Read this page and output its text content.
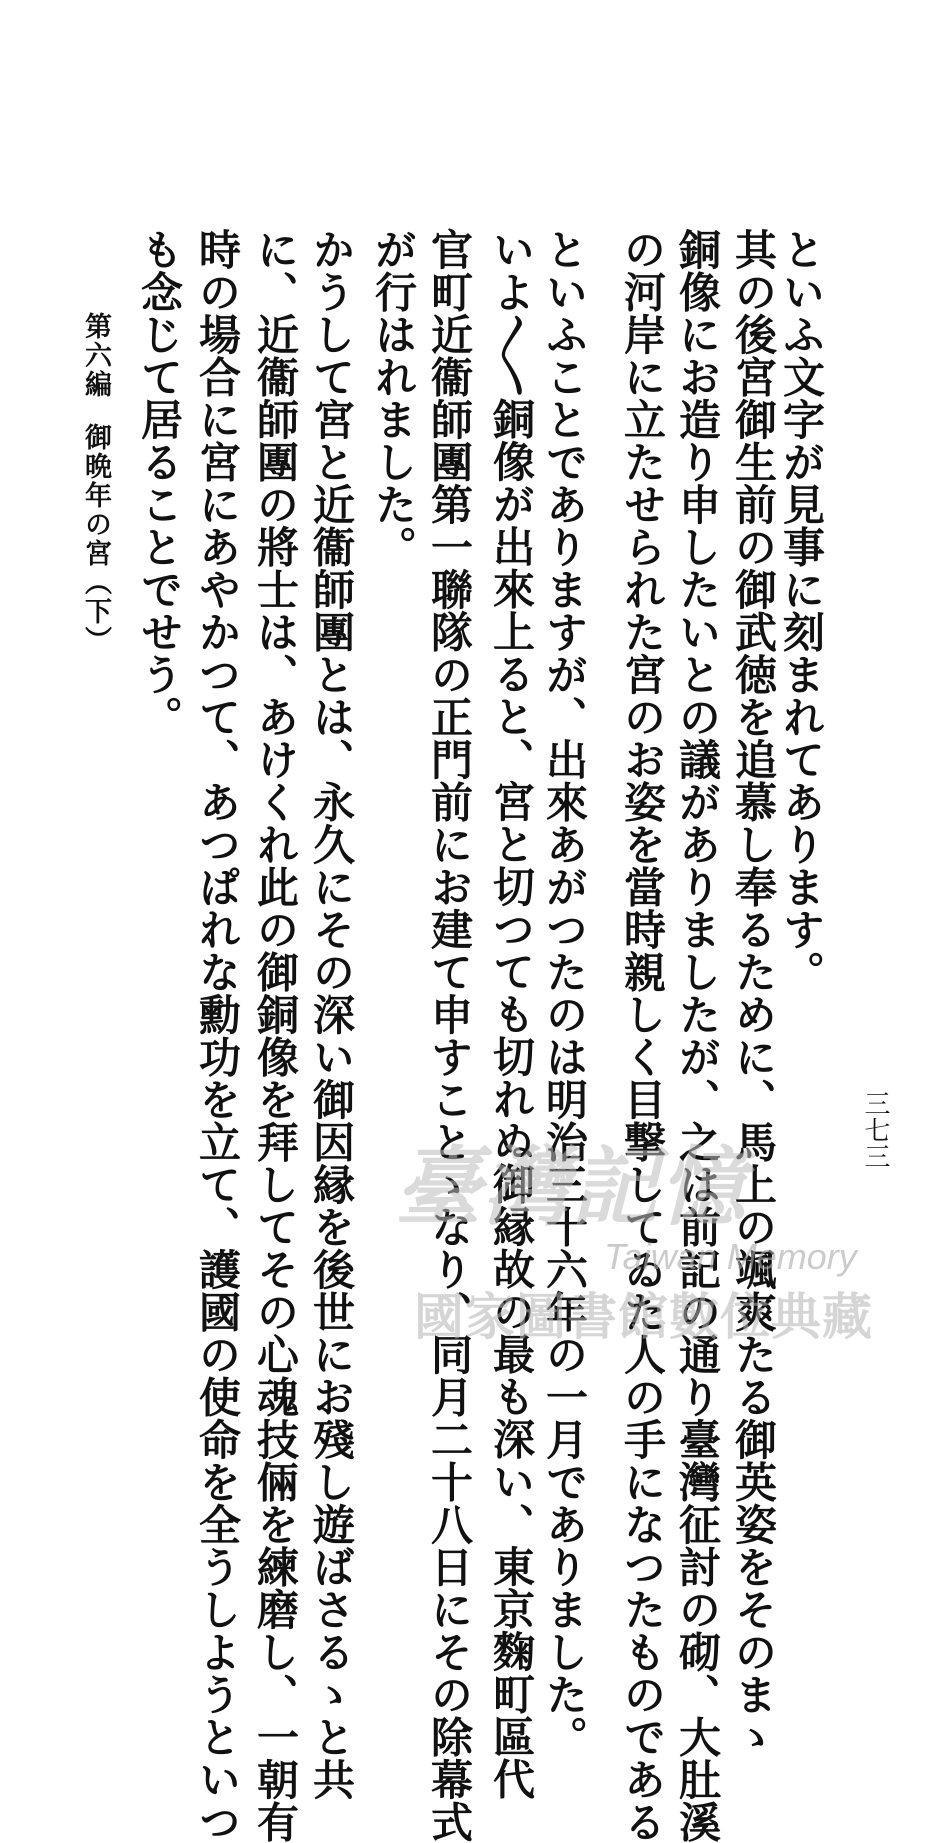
三七三
といふ文字が見事に刻まれてあります。
其の後宮御生前の御武徳を追慕し奉るために、馬上の颯爽たる御英姿をそのまゝ
銅像にお造り申したいとの議がありましたが、之は前記の通り臺灣征討の砌、大肚溪
の河岸に立たせられた宮のお姿を當時親しく目撃してゐた人の手になつたものである
といふことでありますが、出來あがつたのは明治三十六年の一月でありました。
いよ〳〵銅像が出來上ると、宮と切つても切れぬ御縁故の最も深い、東京麴町區代
官町近衞師團第一聯隊の正門前にお建て申すことゝなり、同月二十八日にその除幕式
が行はれました。
かうして宮と近衞師團とは、永久にその深い御因縁を後世にお殘し遊ばさるゝと共
に、近衞師團の將士は、あけくれ此の御銅像を拜してその心魂技倆を練磨し、一朝有
時の場合に宮にあやかつて、あつぱれな勳功を立て、護國の使命を全うしようといつ
も念じて居ることでせう。
第六編御晩年の宮（下）
臺灣記憶
Taiwan Memory
國家圖書館數位典藏
